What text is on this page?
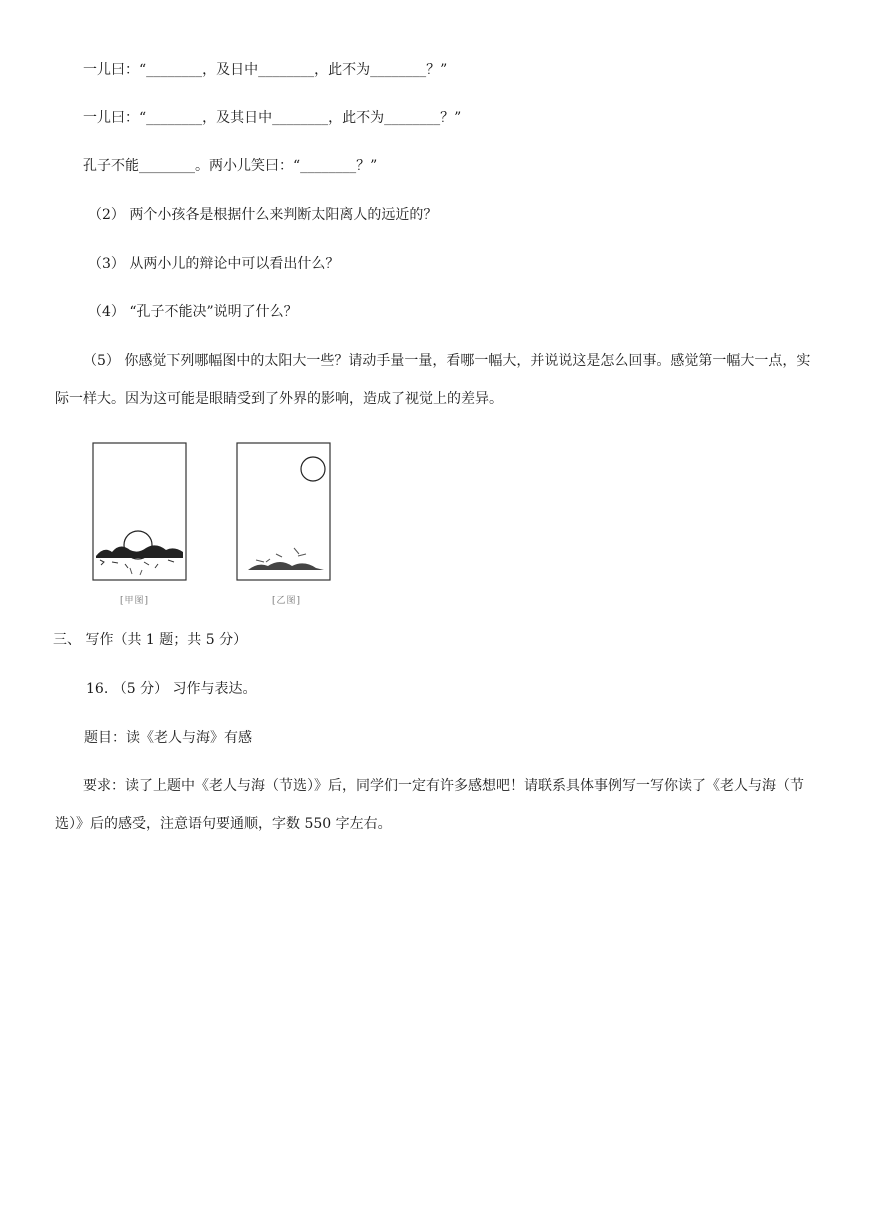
一儿曰：“________，及日中________，此不为________？”
一儿曰：“________，及其日中________，此不为________？”
孔子不能________。两小儿笑曰：“________？”
（2） 两个小孩各是根据什么来判断太阳离人的远近的？
（3） 从两小儿的辩论中可以看出什么？
（4） “孔子不能决”说明了什么？
（5） 你感觉下列哪幅图中的太阳大一些？请动手量一量，看哪一幅大，并说说这是怎么回事。感觉第一幅大一点，实际一样大。因为这可能是眼睛受到了外界的影响，造成了视觉上的差异。
[甲图]	[乙图]
三、 写作（共 1 题；共 5 分）
16. （5 分） 习作与表达。
题目：读《老人与海》有感
要求：读了上题中《老人与海（节选）》后，同学们一定有许多感想吧！请联系具体事例写一写你读了《老人与海（节选）》后的感受，注意语句要通顺，字数 550 字左右。
